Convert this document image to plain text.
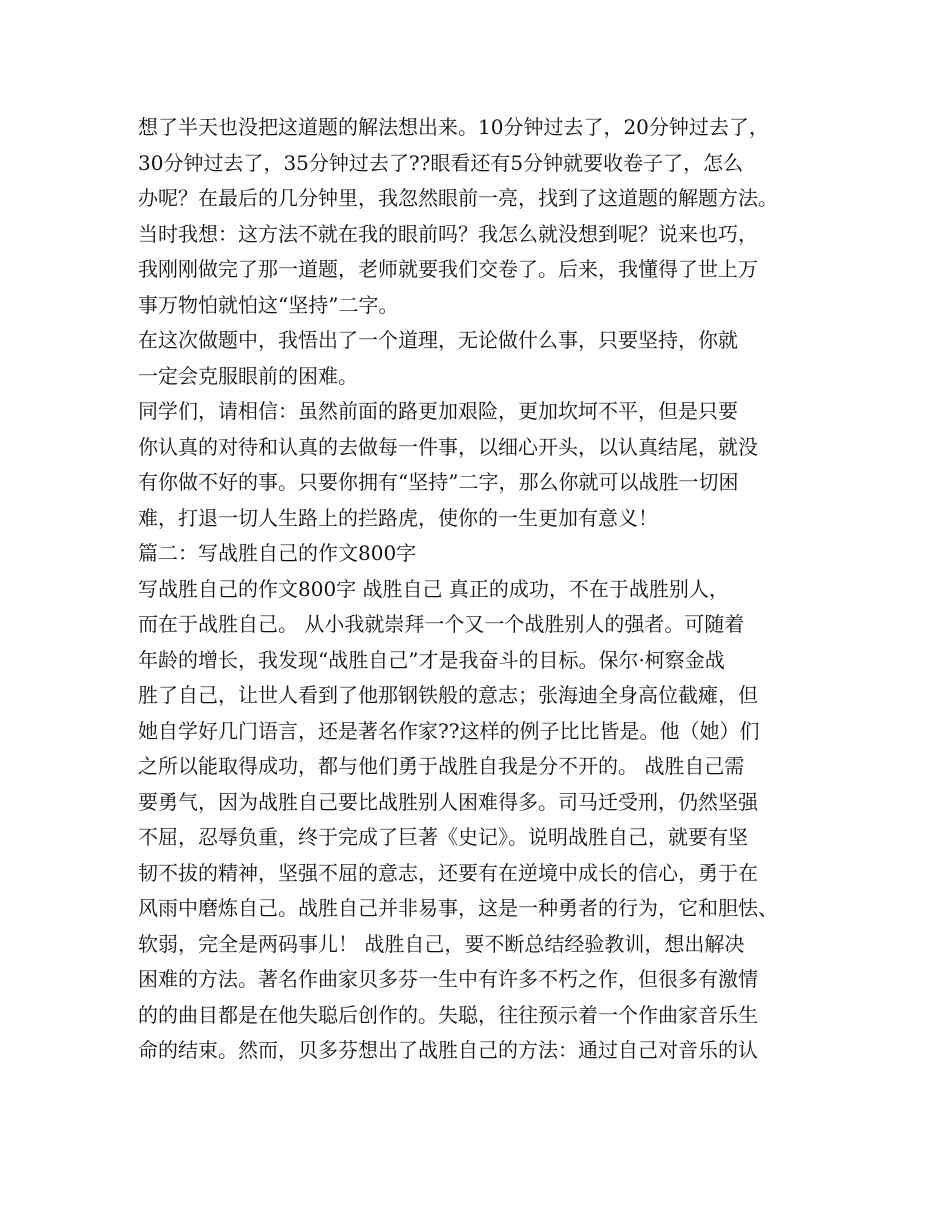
想了半天也没把这道题的解法想出来。10分钟过去了，20分钟过去了，
30分钟过去了，35分钟过去了??眼看还有5分钟就要收卷子了，怎么
办呢？在最后的几分钟里，我忽然眼前一亮，找到了这道题的解题方法。
当时我想：这方法不就在我的眼前吗？我怎么就没想到呢？说来也巧，
我刚刚做完了那一道题，老师就要我们交卷了。后来，我懂得了世上万
事万物怕就怕这“坚持”二字。
在这次做题中，我悟出了一个道理，无论做什么事，只要坚持，你就
一定会克服眼前的困难。
同学们，请相信：虽然前面的路更加艰险，更加坎坷不平，但是只要
你认真的对待和认真的去做每一件事，以细心开头，以认真结尾，就没
有你做不好的事。只要你拥有“坚持”二字，那么你就可以战胜一切困
难，打退一切人生路上的拦路虎，使你的一生更加有意义！
篇二：写战胜自己的作文800字
写战胜自己的作文800字 战胜自己 真正的成功，不在于战胜别人，
而在于战胜自己。 从小我就崇拜一个又一个战胜别人的强者。可随着
年龄的增长，我发现“战胜自己”才是我奋斗的目标。保尔·柯察金战
胜了自己，让世人看到了他那钢铁般的意志；张海迪全身高位截瘫，但
她自学好几门语言，还是著名作家??这样的例子比比皆是。他（她）们
之所以能取得成功，都与他们勇于战胜自我是分不开的。 战胜自己需
要勇气，因为战胜自己要比战胜别人困难得多。司马迁受刑，仍然坚强
不屈，忍辱负重，终于完成了巨著《史记》。说明战胜自己，就要有坚
韧不拔的精神，坚强不屈的意志，还要有在逆境中成长的信心，勇于在
风雨中磨炼自己。战胜自己并非易事，这是一种勇者的行为，它和胆怯、
软弱，完全是两码事儿！ 战胜自己，要不断总结经验教训，想出解决
困难的方法。著名作曲家贝多芬一生中有许多不朽之作，但很多有激情
的的曲目都是在他失聪后创作的。失聪，往往预示着一个作曲家音乐生
命的结束。然而，贝多芬想出了战胜自己的方法：通过自己对音乐的认
